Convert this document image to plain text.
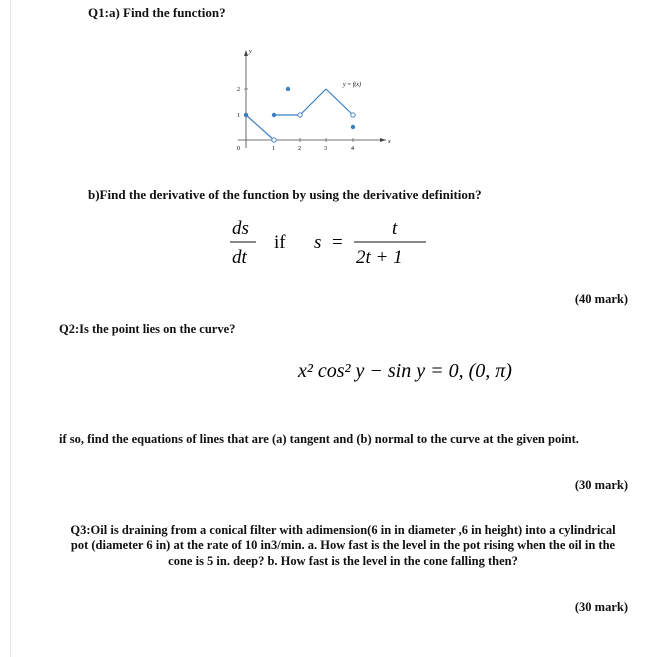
Q1:a) Find the function?
y
x
1	2	3	4
1
2
0
y = f(x)
b)Find the derivative of the function by using the derivative definition?
ds
dt
if s =
t
2t + 1
(40 mark)
Q2:Is the point lies on the curve?
x² cos² y − sin y = 0, (0, π)
if so, find the equations of lines that are (a) tangent and (b) normal to the curve at the given point.
(30 mark)
Q3:Oil is draining from a conical filter with adimension(6 in in diameter ,6 in height) into a cylindrical pot (diameter 6 in) at the rate of 10 in3/min. a. How fast is the level in the pot rising when the oil in the cone is 5 in. deep? b. How fast is the level in the cone falling then?
(30 mark)
